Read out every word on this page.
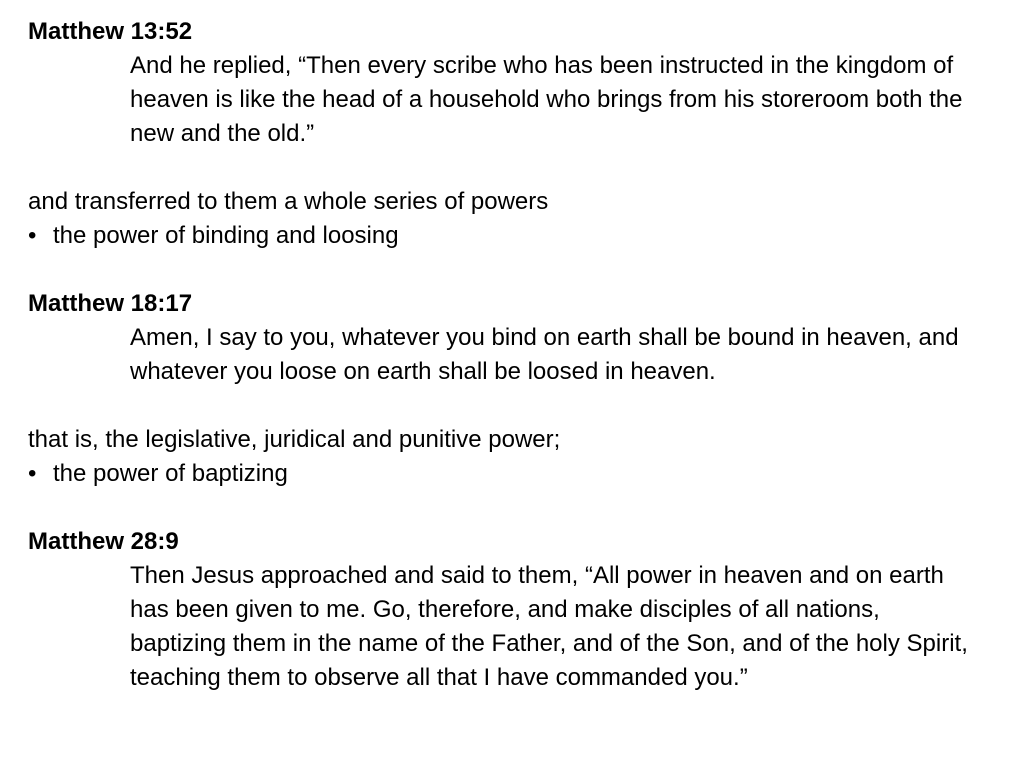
Matthew 13:52

And he replied, “Then every scribe who has been instructed in the kingdom of heaven is like the head of a household who brings from his storeroom both the new and the old.”

and transferred to them a whole series of powers

• the power of binding and loosing

Matthew 18:17

Amen, I say to you, whatever you bind on earth shall be bound in heaven, and whatever you loose on earth shall be loosed in heaven.

that is, the legislative, juridical and punitive power;

• the power of baptizing

Matthew 28:9

Then Jesus approached and said to them, “All power in heaven and on earth has been given to me. Go, therefore, and make disciples of all nations, baptizing them in the name of the Father, and of the Son, and of the holy Spirit, teaching them to observe all that I have commanded you.”
